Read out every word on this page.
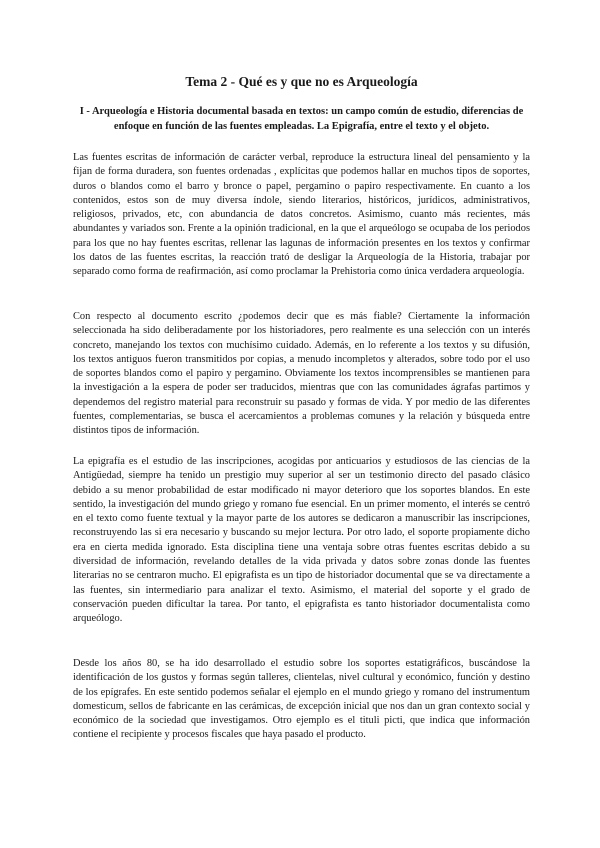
Tema 2 - Qué es y que no es Arqueología
I - Arqueología e Historia documental basada en textos: un campo común de estudio, diferencias de enfoque en función de las fuentes empleadas. La Epigrafía, entre el texto y el objeto.

Las fuentes escritas de información de carácter verbal, reproduce la estructura lineal del pensamiento y la fijan de forma duradera, son fuentes ordenadas , explícitas que podemos hallar en muchos tipos de soportes, duros o blandos como el barro y bronce o papel, pergamino o papiro respectivamente. En cuanto a los contenidos, estos son de muy diversa índole, siendo literarios, históricos, jurídicos, administrativos, religiosos, privados, etc, con abundancia de datos concretos. Asimismo, cuanto más recientes, más abundantes y variados son. Frente a la opinión tradicional, en la que el arqueólogo se ocupaba de los periodos para los que no hay fuentes escritas, rellenar las lagunas de información presentes en los textos y confirmar los datos de las fuentes escritas, la reacción trató de desligar la Arqueología de la Historia, trabajar por separado como forma de reafirmación, así como proclamar la Prehistoria como única verdadera arqueología.

Con respecto al documento escrito ¿podemos decir que es más fiable? Ciertamente la información seleccionada ha sido deliberadamente por los historiadores, pero realmente es una selección con un interés concreto, manejando los textos con muchísimo cuidado. Además, en lo referente a los textos y su difusión, los textos antiguos fueron transmitidos por copias, a menudo incompletos y alterados, sobre todo por el uso de soportes blandos como el papiro y pergamino. Obviamente los textos incomprensibles se mantienen para la investigación a la espera de poder ser traducidos, mientras que con las comunidades ágrafas partimos y dependemos del registro material para reconstruir su pasado y formas de vida. Y por medio de las diferentes fuentes, complementarias, se busca el acercamientos a problemas comunes y la relación y búsqueda entre distintos tipos de información.

La epigrafía es el estudio de las inscripciones, acogidas por anticuarios y estudiosos de las ciencias de la Antigüedad, siempre ha tenido un prestigio muy superior al ser un testimonio directo del pasado clásico debido a su menor probabilidad de estar modificado ni mayor deterioro que los soportes blandos. En este sentido, la investigación del mundo griego y romano fue esencial. En un primer momento, el interés se centró en el texto como fuente textual y la mayor parte de los autores se dedicaron a manuscribir las inscripciones, reconstruyendo las si era necesario y buscando su mejor lectura. Por otro lado, el soporte propiamente dicho era en cierta medida ignorado. Esta disciplina tiene una ventaja sobre otras fuentes escritas debido a su diversidad de información, revelando detalles de la vida privada y datos sobre zonas donde las fuentes literarias no se centraron mucho. El epigrafista es un tipo de historiador documental que se va directamente a las fuentes, sin intermediario para analizar el texto. Asimismo, el material del soporte y el grado de conservación pueden dificultar la tarea. Por tanto, el epigrafista es tanto historiador documentalista como arqueólogo.

Desde los años 80, se ha ido desarrollado el estudio sobre los soportes estatigráficos, buscándose la identificación de los gustos y formas según talleres, clientelas, nivel cultural y económico, función y destino de los epígrafes. En este sentido podemos señalar el ejemplo en el mundo griego y romano del instrumentum domesticum, sellos de fabricante en las cerámicas, de excepción inicial que nos dan un gran contexto social y económico de la sociedad que investigamos. Otro ejemplo es el tituli picti, que indica que información contiene el recipiente y procesos fiscales que haya pasado el producto.
